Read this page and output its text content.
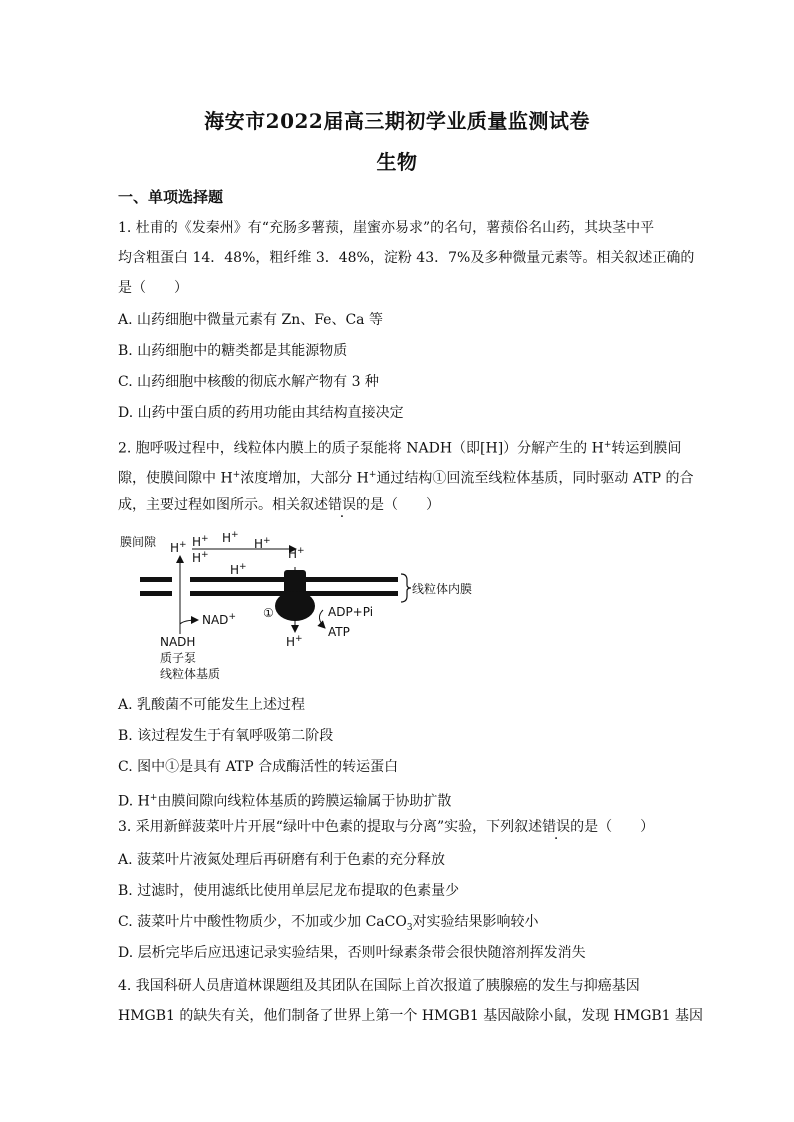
海安市2022届高三期初学业质量监测试卷
生物
一、单项选择题
1. 杜甫的《发秦州》有“充肠多薯蓣，崖蜜亦易求”的名句，薯蓣俗名山药，其块茎中平
均含粗蛋白 14．48%，粗纤维 3．48%，淀粉 43．7%及多种微量元素等。相关叙述正确的
是（　　）
A. 山药细胞中微量元素有 Zn、Fe、Ca 等
B. 山药细胞中的糖类都是其能源物质
C. 山药细胞中核酸的彻底水解产物有 3 种
D. 山药中蛋白质的药用功能由其结构直接决定
2. 胞呼吸过程中，线粒体内膜上的质子泵能将 NADH（即[H]）分解产生的 H+转运到膜间
隙，使膜间隙中 H+浓度增加，大部分 H+通过结构①回流至线粒体基质，同时驱动 ATP 的合
成，主要过程如图所示。相关叙述错误的是（　　）
膜间隙 H+ H+ H+
H+
H+
H+
H+
线粒体内膜
①
H+
ADP+Pi
ATP
NAD+
NADH
质子泵
线粒体基质
A. 乳酸菌不可能发生上述过程
B. 该过程发生于有氧呼吸第二阶段
C. 图中①是具有 ATP 合成酶活性的转运蛋白
D. H+由膜间隙向线粒体基质的跨膜运输属于协助扩散
3. 采用新鲜菠菜叶片开展“绿叶中色素的提取与分离”实验，下列叙述错误的是（　　）
A. 菠菜叶片液氮处理后再研磨有利于色素的充分释放
B. 过滤时，使用滤纸比使用单层尼龙布提取的色素量少
C. 菠菜叶片中酸性物质少，不加或少加 CaCO$_3$对实验结果影响较小
D. 层析完毕后应迅速记录实验结果，否则叶绿素条带会很快随溶剂挥发消失
4. 我国科研人员唐道林课题组及其团队在国际上首次报道了胰腺癌的发生与抑癌基因
HMGB1 的缺失有关，他们制备了世界上第一个 HMGB1 基因敲除小鼠，发现 HMGB1 基因
